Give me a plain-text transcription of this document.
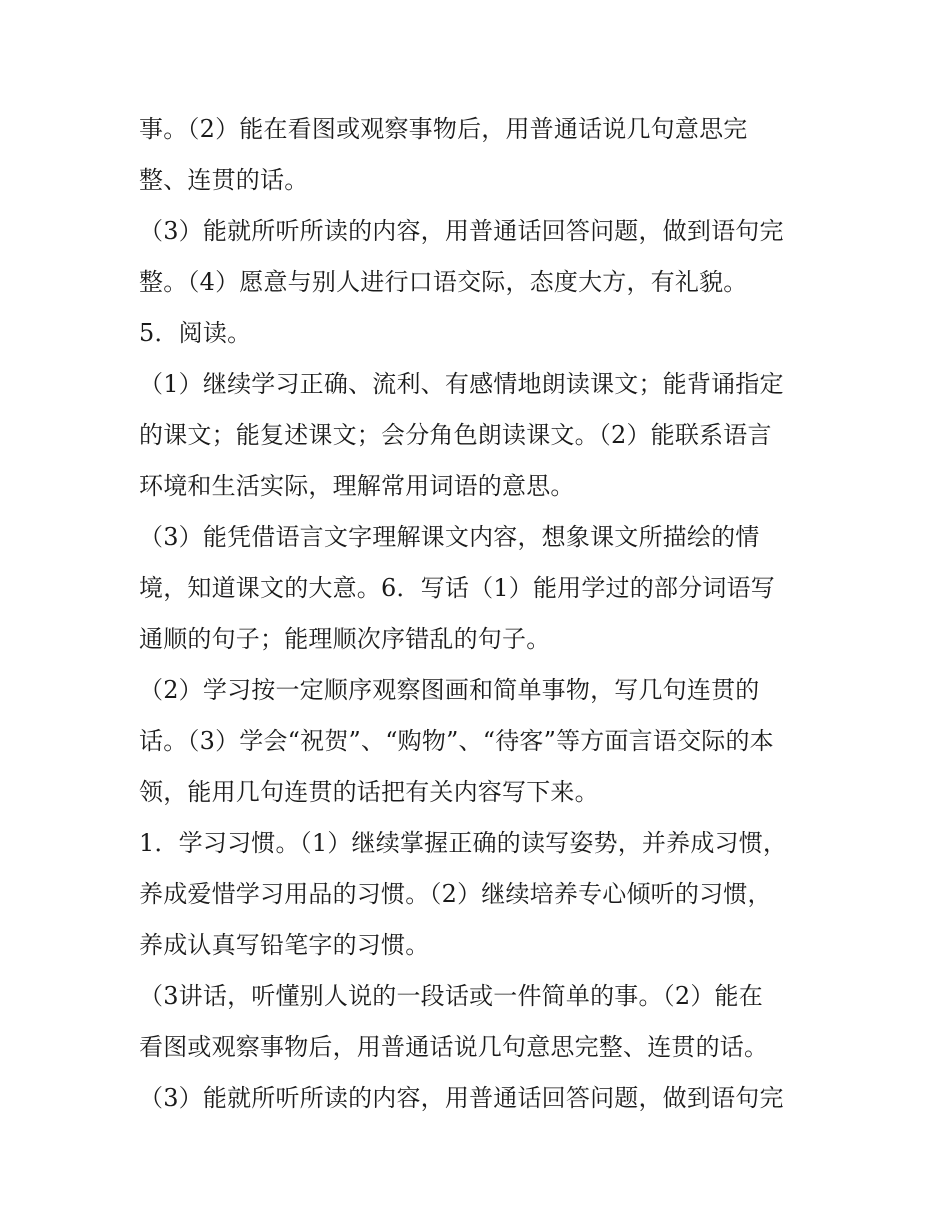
事。（2）能在看图或观察事物后，用普通话说几句意思完
整、连贯的话。
（3）能就所听所读的内容，用普通话回答问题，做到语句完
整。（4）愿意与别人进行口语交际，态度大方，有礼貌。
5．阅读。
（1）继续学习正确、流利、有感情地朗读课文；能背诵指定
的课文；能复述课文；会分角色朗读课文。（2）能联系语言
环境和生活实际，理解常用词语的意思。
（3）能凭借语言文字理解课文内容，想象课文所描绘的情
境，知道课文的大意。6．写话（1）能用学过的部分词语写
通顺的句子；能理顺次序错乱的句子。
（2）学习按一定顺序观察图画和简单事物，写几句连贯的
话。（3）学会“祝贺”、“购物”、“待客”等方面言语交际的本
领，能用几句连贯的话把有关内容写下来。
1．学习习惯。（1）继续掌握正确的读写姿势，并养成习惯，
养成爱惜学习用品的习惯。（2）继续培养专心倾听的习惯，
养成认真写铅笔字的习惯。
（3讲话，听懂别人说的一段话或一件简单的事。（2）能在
看图或观察事物后，用普通话说几句意思完整、连贯的话。
（3）能就所听所读的内容，用普通话回答问题，做到语句完
